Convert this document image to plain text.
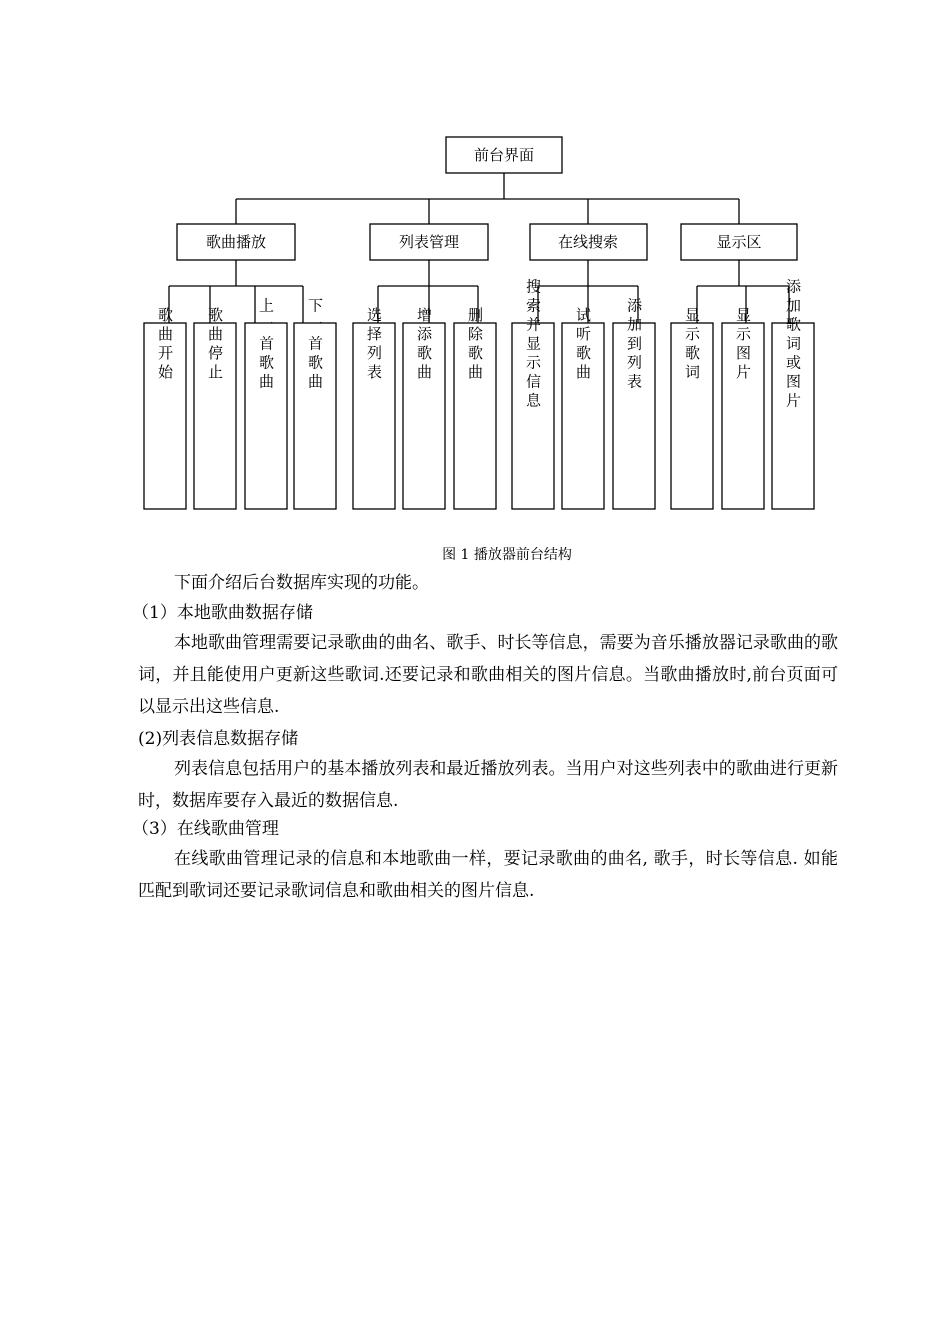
前台界面
歌曲播放	列表管理	在线搜索	显示区
歌曲开始 歌曲停止 上一首歌曲 下一首歌曲	选择列表 增添歌曲 删除歌曲	搜索并显示信息 试听歌曲 添加到列表	显示歌词 显示图片 添加歌词或图片
图 1 播放器前台结构
下面介绍后台数据库实现的功能。
（1）本地歌曲数据存储
本地歌曲管理需要记录歌曲的曲名、歌手、时长等信息，需要为音乐播放器记录歌曲的歌词，并且能使用户更新这些歌词.还要记录和歌曲相关的图片信息。当歌曲播放时,前台页面可以显示出这些信息.
(2)列表信息数据存储
列表信息包括用户的基本播放列表和最近播放列表。当用户对这些列表中的歌曲进行更新时，数据库要存入最近的数据信息.
（3）在线歌曲管理
在线歌曲管理记录的信息和本地歌曲一样，要记录歌曲的曲名, 歌手，时长等信息. 如能匹配到歌词还要记录歌词信息和歌曲相关的图片信息.
